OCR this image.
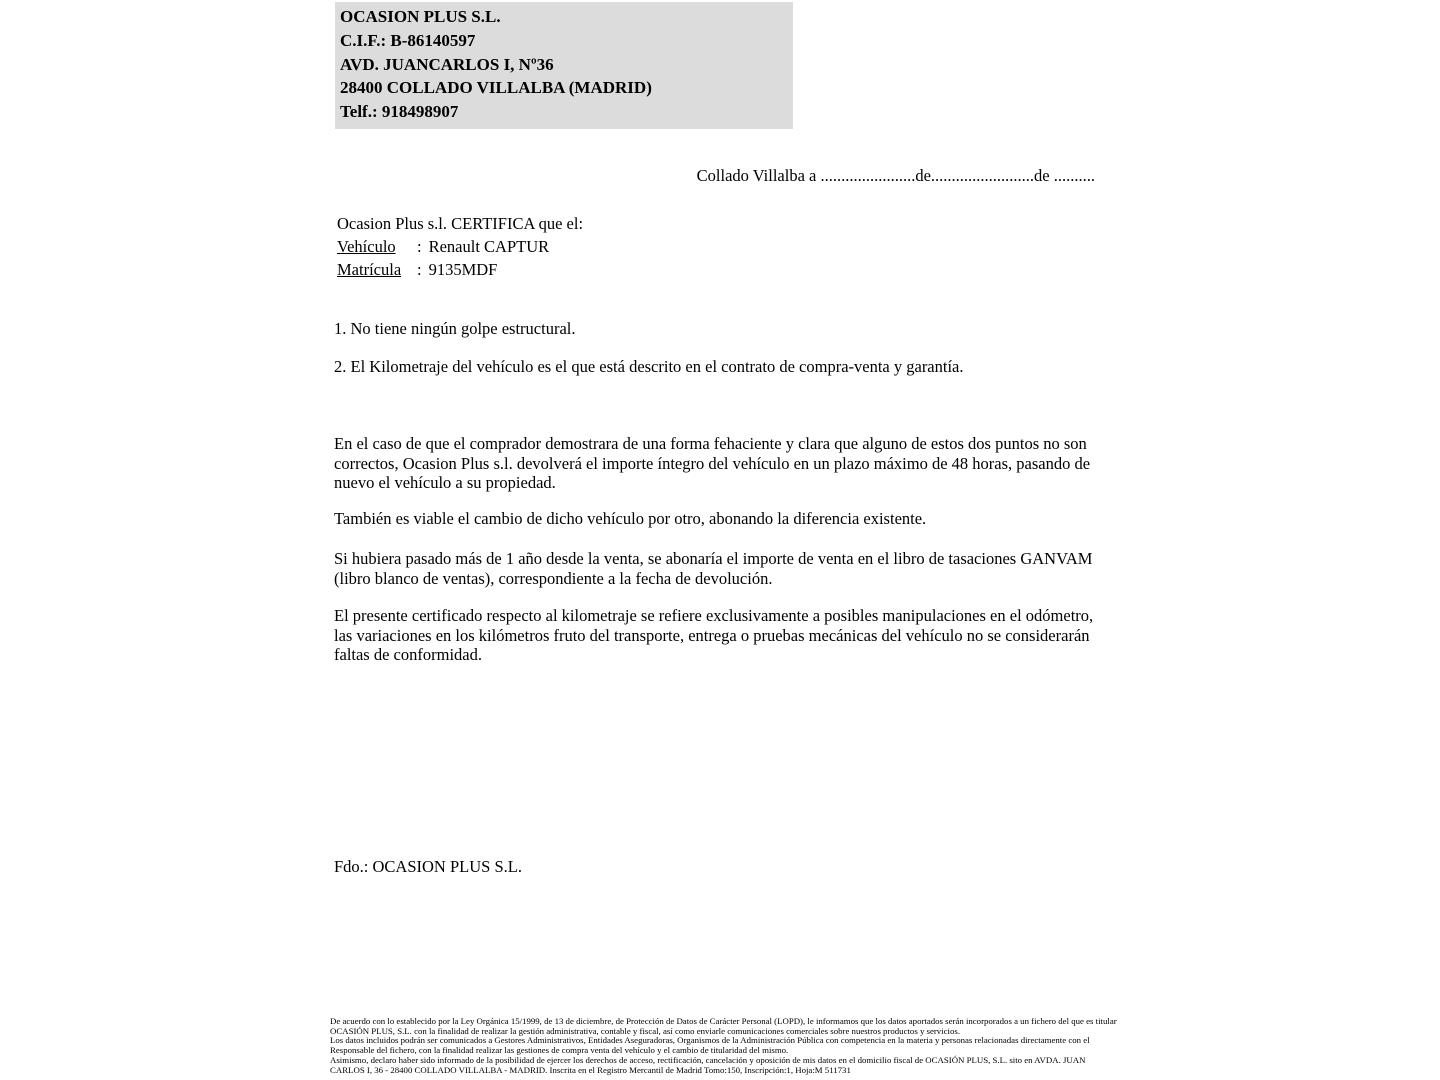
OCASION PLUS S.L.
C.I.F.: B-86140597
AVD. JUANCARLOS I, Nº36
28400 COLLADO VILLALBA (MADRID)
Telf.: 918498907
Collado Villalba a .......................de.........................de ..........
Ocasion Plus s.l. CERTIFICA que el:
Vehículo	: Renault CAPTUR
Matrícula : 9135MDF
1. No tiene ningún golpe estructural.
2. El Kilometraje del vehículo es el que está descrito en el contrato de compra-venta y garantía.
En el caso de que el comprador demostrara de una forma fehaciente y clara que alguno de estos dos puntos no son correctos, Ocasion Plus s.l. devolverá el importe íntegro del vehículo en un plazo máximo de 48 horas, pasando de nuevo el vehículo a su propiedad.
También es viable el cambio de dicho vehículo por otro, abonando la diferencia existente.
Si hubiera pasado más de 1 año desde la venta, se abonaría el importe de venta en el libro de tasaciones GANVAM (libro blanco de ventas), correspondiente a la fecha de devolución.
El presente certificado respecto al kilometraje se refiere exclusivamente a posibles manipulaciones en el odómetro, las variaciones en los kilómetros fruto del transporte, entrega o pruebas mecánicas del vehículo no se considerarán faltas de conformidad.
Fdo.: OCASION PLUS S.L.
De acuerdo con lo establecido por la Ley Orgánica 15/1999, de 13 de diciembre, de Protección de Datos de Carácter Personal (LOPD), le informamos que los datos aportados serán incorporados a un fichero del que es titular
OCASIÓN PLUS, S.L. con la finalidad de realizar la gestión administrativa, contable y fiscal, así como enviarle comunicaciones comerciales sobre nuestros productos y servicios.
Los datos incluidos podrán ser comunicados a Gestores Administrativos, Entidades Aseguradoras, Organismos de la Administración Pública con competencia en la materia y personas relacionadas directamente con el
Responsable del fichero, con la finalidad realizar las gestiones de compra venta del vehículo y el cambio de titularidad del mismo.
Asimismo, declaro haber sido informado de la posibilidad de ejercer los derechos de acceso, rectificación, cancelación y oposición de mis datos en el domicilio fiscal de OCASIÓN PLUS, S.L. sito en AVDA. JUAN
CARLOS I, 36 - 28400 COLLADO VILLALBA - MADRID. Inscrita en el Registro Mercantil de Madrid Tomo:150, Inscripción:1, Hoja:M 511731
